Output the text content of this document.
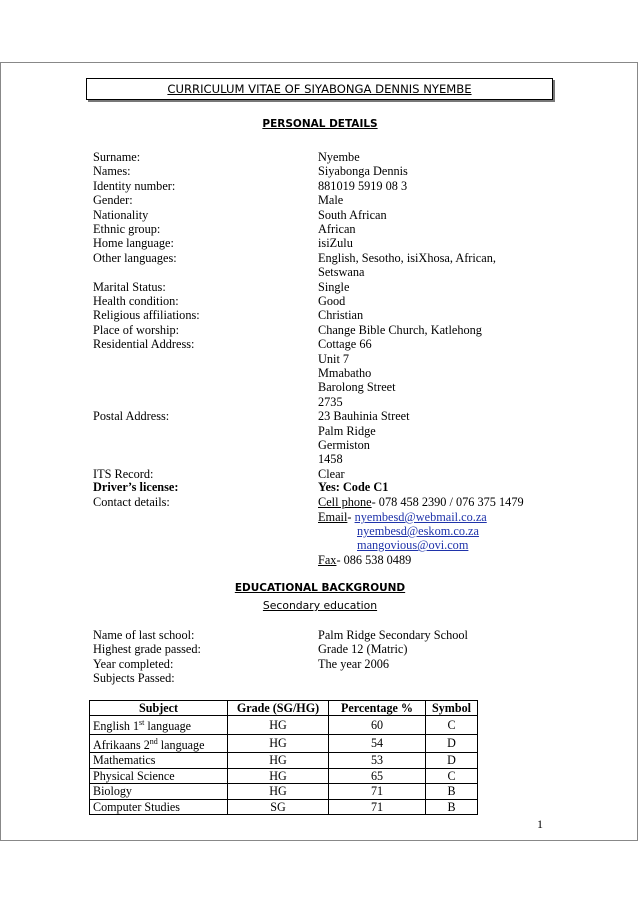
CURRICULUM VITAE OF SIYABONGA DENNIS NYEMBE
PERSONAL DETAILS
Surname:	Nyembe
Names:	Siyabonga Dennis
Identity number:	881019 5919 08 3
Gender:	Male
Nationality	South African
Ethnic group:	African
Home language:	isiZulu
Other languages:	English, Sesotho, isiXhosa, African,
Setswana
Marital Status:	Single
Health condition:	Good
Religious affiliations:	Christian
Place of worship:	Change Bible Church, Katlehong
Residential Address:	Cottage 66
Unit 7
Mmabatho
Barolong Street
2735
Postal Address:	23 Bauhinia Street
Palm Ridge
Germiston
1458
ITS Record:	Clear
Driver’s license:	Yes: Code C1
Contact details:	Cell phone- 078 458 2390 / 076 375 1479
Email- nyembesd@webmail.co.za
nyembesd@eskom.co.za
mangovious@ovi.com
Fax- 086 538 0489
EDUCATIONAL BACKGROUND
Secondary education
Name of last school:	Palm Ridge Secondary School
Highest grade passed:	Grade 12 (Matric)
Year completed:	The year 2006
Subjects Passed:
Subject	Grade (SG/HG)	Percentage %	Symbol
English 1st language	HG	60	C
Afrikaans 2nd language	HG	54	D
Mathematics	HG	53	D
Physical Science	HG	65	C
Biology	HG	71	B
Computer Studies	SG	71	B
1
